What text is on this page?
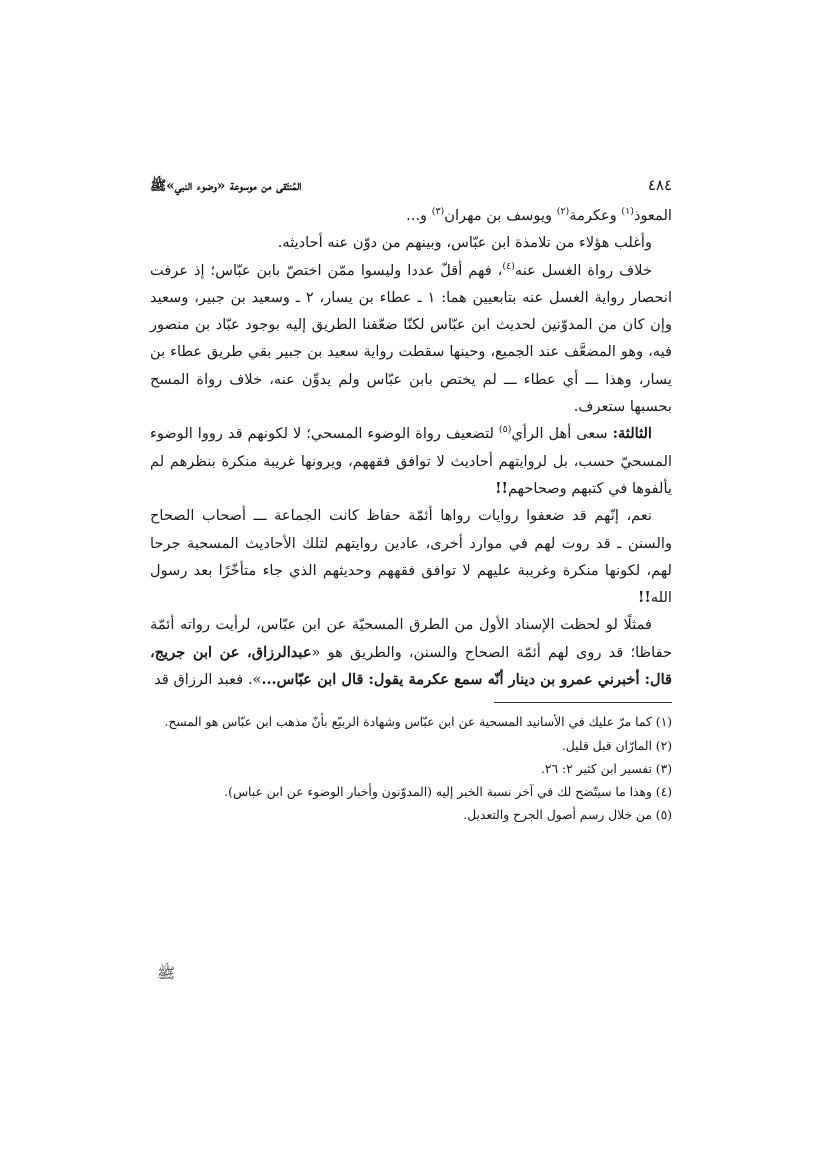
٤٨٤
المُنتَقى من موسوعة «وضوء النبي»ﷺ

المعوذ$^{(١)}$ وعكرمة$^{(٢)}$ ويوسف بن مهران$^{(٣)}$ و...

وأغلب هؤلاء من تلامذة ابن عبّاس، وبينهم من دوّن عنه أحاديثه.

خلاف رواة الغسل عنه$^{(٤)}$، فهم أقلّ عددا وليسوا ممّن اختصّ بابن عبّاس؛ إذ عرفت انحصار رواية الغسل عنه بتابعيين هما: ١ ـ عطاء بن يسار، ٢ ـ وسعيد بن جبير، وسعيد وإن كان من المدوّنين لحديث ابن عبّاس لكنّا ضعّفنا الطريق إليه بوجود عبّاد بن منصور فيه، وهو المضعَّف عند الجميع، وحينها سقطت رواية سعيد بن جبير بقي طريق عطاء بن يسار، وهذا ـــ أي عطاء ـــ لم يختص بابن عبّاس ولم يدوِّن عنه، خلاف رواة المسح بحسبها ستعرف.

الثالثة: سعى أهل الرأي$^{(٥)}$ لتضعيف رواة الوضوء المسحي؛ لا لكونهم قد رووا الوضوء المسحيّ حسب، بل لروايتهم أحاديث لا توافق فقههم، ويرونها غريبة منكرة بنظرهم لم يألفوها في كتبهم وصحاحهم!!

نعم، إنّهم قد ضعفوا روايات رواها أئمّة حفاظ كانت الجماعة ـــ أصحاب الصحاح والسنن ـ قد روت لهم في موارد أخرى، عادين روايتهم لتلك الأحاديث المسحية جرحا لهم، لكونها منكرة وغريبة عليهم لا توافق فقههم وحديثهم الذي جاء متأخّرًا بعد رسول الله!!

فمثلًا لو لحظت الإسناد الأول من الطرق المسحيّة عن ابن عبّاس، لرأيت رواته أئمّة حفاظا؛ قد روى لهم أئمّة الصحاح والسنن، والطريق هو «عبدالرزاق، عن ابن جريج، قال: أخبرني عمرو بن دينار أنّه سمع عكرمة يقول: قال ابن عبّاس...». فعبد الرزاق قد

(١) كما مرّ عليك في الأسانيد المسحية عن ابن عبّاس وشهادة الربيّع بأنّ مذهب ابن عبّاس هو المسح.

(٢) المارّان قبل قليل.

(٣) تفسير ابن كثير ٢: ٢٦.

(٤) وهذا ما سيتّضح لك في آخر نسبة الخبر إليه (المدوّنون وأخبار الوضوء عن ابن عباس).

(٥) من خلال رسم أصول الجرح والتعديل.

ﷺ
